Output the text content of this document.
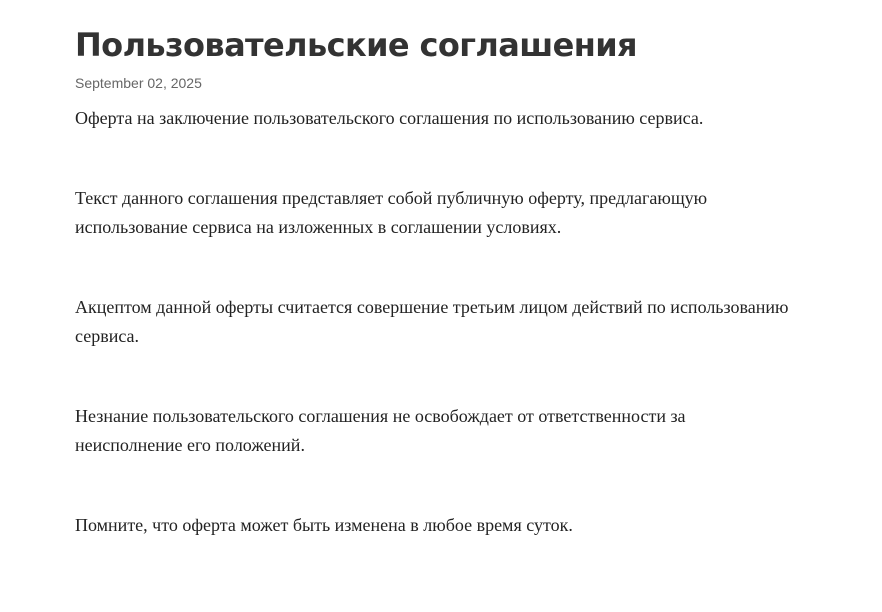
Пользовательские соглашения
September 02, 2025

Оферта на заключение пользовательского соглашения по использованию сервиса.

Текст данного соглашения представляет собой публичную оферту, предлагающую использование сервиса на изложенных в соглашении условиях.

Акцептом данной оферты считается совершение третьим лицом действий по использованию сервиса.

Незнание пользовательского соглашения не освобождает от ответственности за неисполнение его положений.

Помните, что оферта может быть изменена в любое время суток.
